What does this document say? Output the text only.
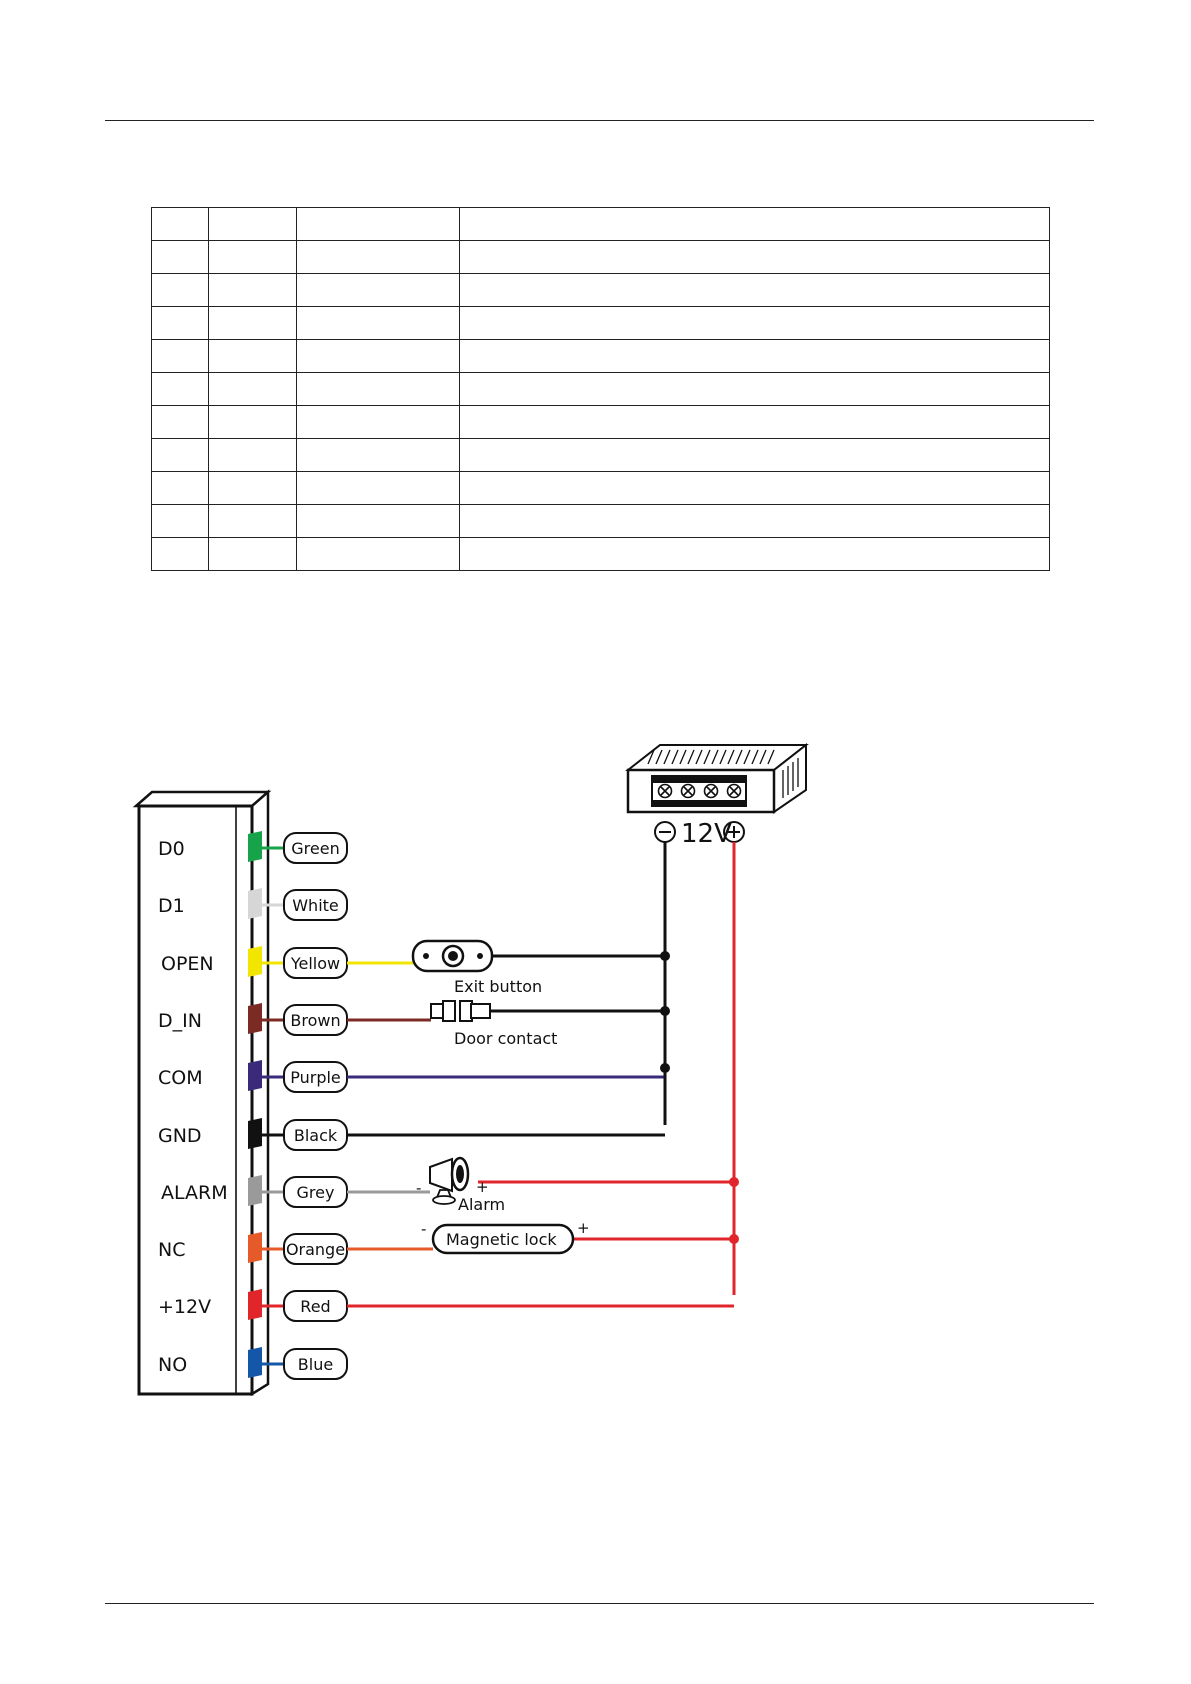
D0	Green
D1	White
OPEN	Yellow
D_IN	Brown
COM	Purple
GND	Black
ALARM	Grey
NC	Orange
+12V	Red
NO	Blue
12V
Exit button
Door contact
-	+
Alarm
Magnetic lock
-	+
